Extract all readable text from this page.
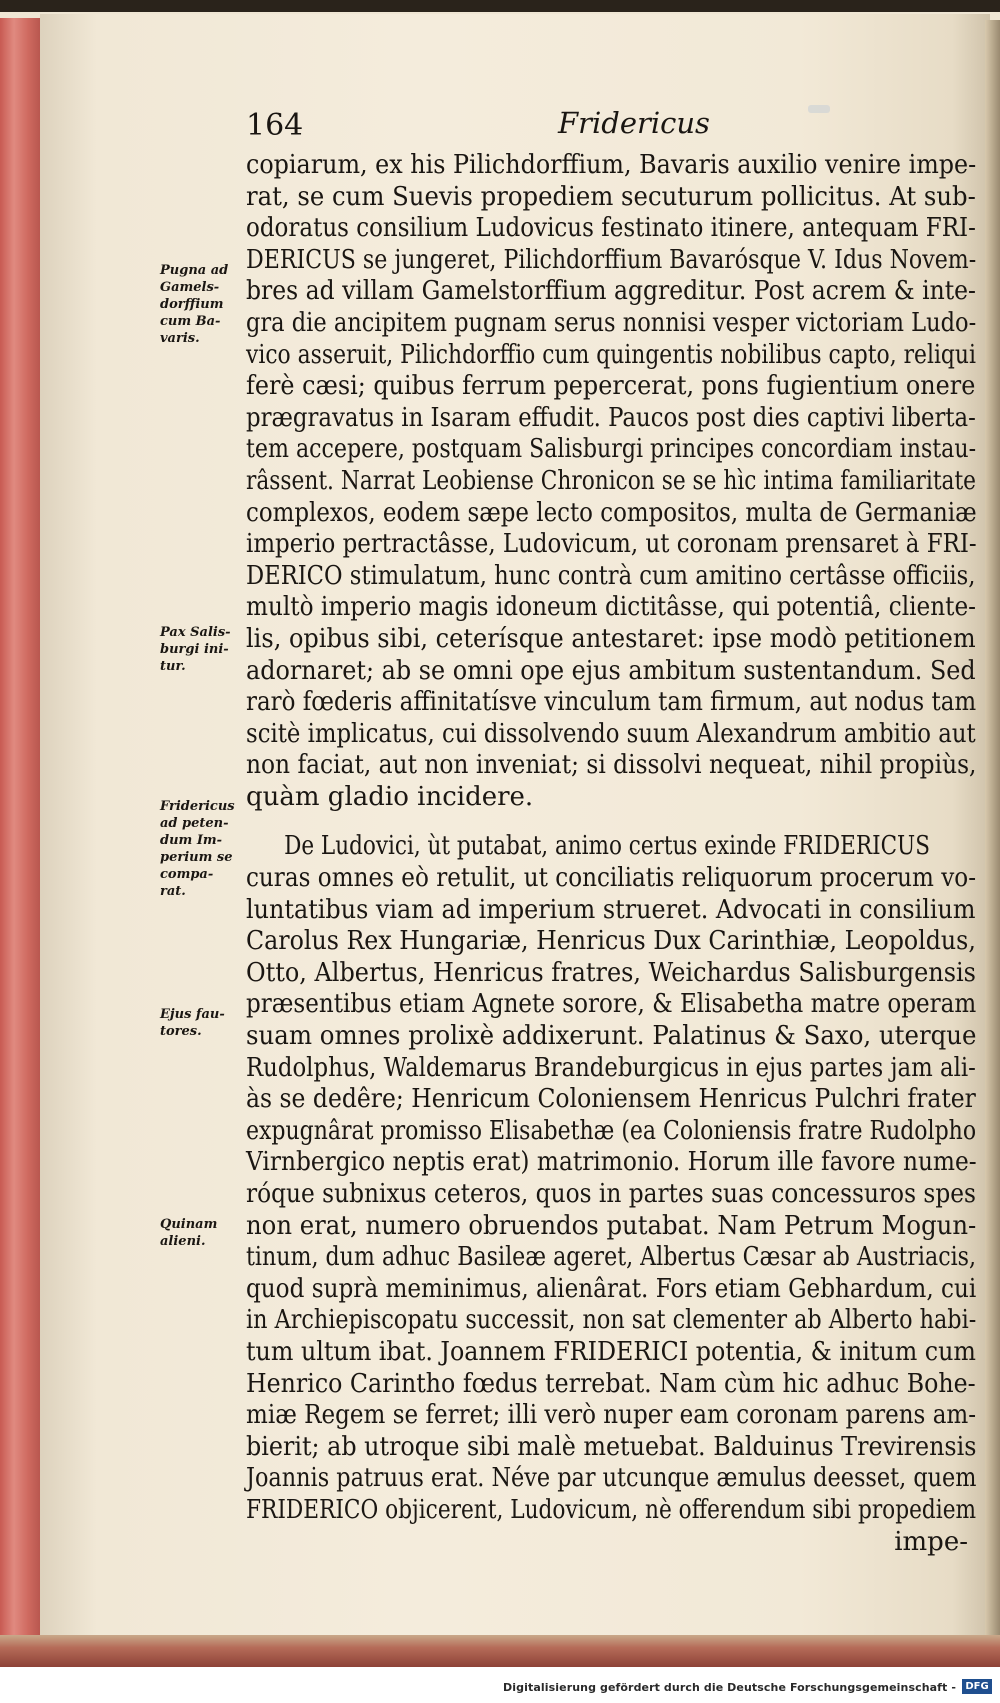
164	Fridericus
copiarum, ex his Pilichdorffium, Bavaris auxilio venire impe-
rat, se cum Suevis propediem secuturum pollicitus. At sub-
odoratus consilium Ludovicus festinato itinere, antequam FRI-
DERICUS se jungeret, Pilichdorffium Bavarósque V. Idus Novem-
bres ad villam Gamelstorffium aggreditur. Post acrem & inte-
gra die ancipitem pugnam serus nonnisi vesper victoriam Ludo-
vico asseruit, Pilichdorffio cum quingentis nobilibus capto, reliqui
ferè cæsi; quibus ferrum pepercerat, pons fugientium onere
prægravatus in Isaram effudit. Paucos post dies captivi liberta-
tem accepere, postquam Salisburgi principes concordiam instau-
râssent. Narrat Leobiense Chronicon se se hìc intima familiaritate
complexos, eodem sæpe lecto compositos, multa de Germaniæ
imperio pertractâsse, Ludovicum, ut coronam prensaret à FRI-
DERICO stimulatum, hunc contrà cum amitino certâsse officiis,
multò imperio magis idoneum dictitâsse, qui potentiâ, clientе-
lis, opibus sibi, ceterísque antestaret: ipse modò petitionem
adornaret; ab se omni ope ejus ambitum sustentandum. Sed
rarò fœderis affinitatísve vinculum tam firmum, aut nodus tam
scitè implicatus, cui dissolvendo suum Alexandrum ambitio aut
non faciat, aut non inveniat; si dissolvi nequeat, nihil propiùs,
quàm gladio incidere.
De Ludovici, ùt putabat, animo certus exinde FRIDERICUS
curas omnes eò retulit, ut conciliatis reliquorum procerum vo-
luntatibus viam ad imperium strueret. Advocati in consilium
Carolus Rex Hungariæ, Henricus Dux Carinthiæ, Leopoldus,
Otto, Albertus, Henricus fratres, Weichardus Salisburgensis
præsentibus etiam Agnete sorore, & Elisabetha matre operam
suam omnes prolixè addixerunt. Palatinus & Saxo, uterque
Rudolphus, Waldemarus Brandeburgicus in ejus partes jam ali-
às se dedêre; Henricum Coloniensem Henricus Pulchri frater
expugnârat promisso Elisabethæ (ea Coloniensis fratre Rudolpho
Virnbergico neptis erat) matrimonio. Horum ille favore nume-
róque subnixus ceteros, quos in partes suas concessuros spes
non erat, numero obruendos putabat. Nam Petrum Mogun-
tinum, dum adhuc Basileæ ageret, Albertus Cæsar ab Austriacis,
quod suprà meminimus, alienârat. Fors etiam Gebhardum, cui
in Archiepiscopatu successit, non sat clementer ab Alberto habi-
tum ultum ibat. Joannem FRIDERICI potentia, & initum cum
Henrico Carintho fœdus terrebat. Nam cùm hic adhuc Bohe-
miæ Regem se ferret; illi verò nuper eam coronam parens am-
bierit; ab utroque sibi malè metuebat. Balduinus Trevirensis
Joannis patruus erat. Néve par utcunque æmulus deesset, quem
FRIDERICO objicerent, Ludovicum, nè offerendum sibi propediem
impe-
Pugna ad
Gamels-
dorffium
cum Ba-
varis.
Pax Salis-
burgi ini-
tur.
Fridericus
ad peten-
dum Im-
perium se
compa-
rat.
Ejus fau-
tores.
Quinam
alieni.
Digitalisierung gefördert durch die Deutsche Forschungsgemeinschaft - DFG
